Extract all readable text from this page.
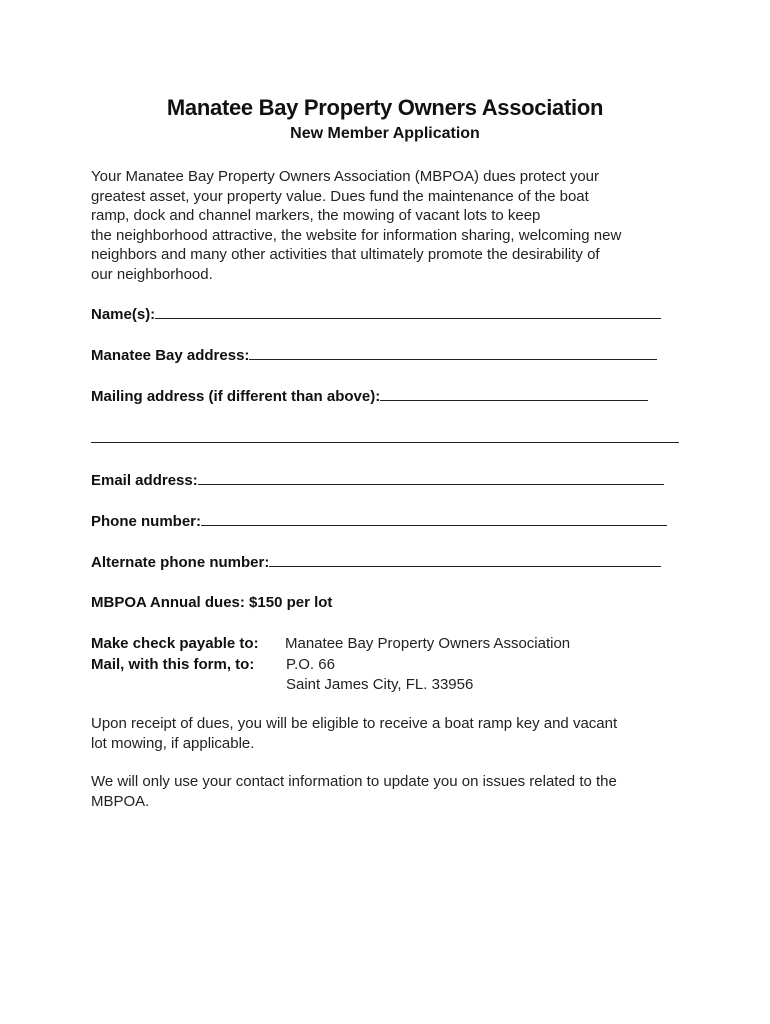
Manatee Bay Property Owners Association
New Member Application
Your Manatee Bay Property Owners Association (MBPOA) dues protect your
greatest asset, your property value. Dues fund the maintenance of the boat
ramp, dock and channel markers, the mowing of vacant lots to keep
the neighborhood attractive, the website for information sharing, welcoming new
neighbors and many other activities that ultimately promote the desirability of
our neighborhood.
Name(s):
Manatee Bay address:
Mailing address (if different than above):
Email address:
Phone number:
Alternate phone number:
MBPOA Annual dues: $150 per lot
Make check payable to: Manatee Bay Property Owners Association
Mail, with this form, to: P.O. 66
Saint James City, FL. 33956
Upon receipt of dues, you will be eligible to receive a boat ramp key and vacant
lot mowing, if applicable.
We will only use your contact information to update you on issues related to the
MBPOA.
